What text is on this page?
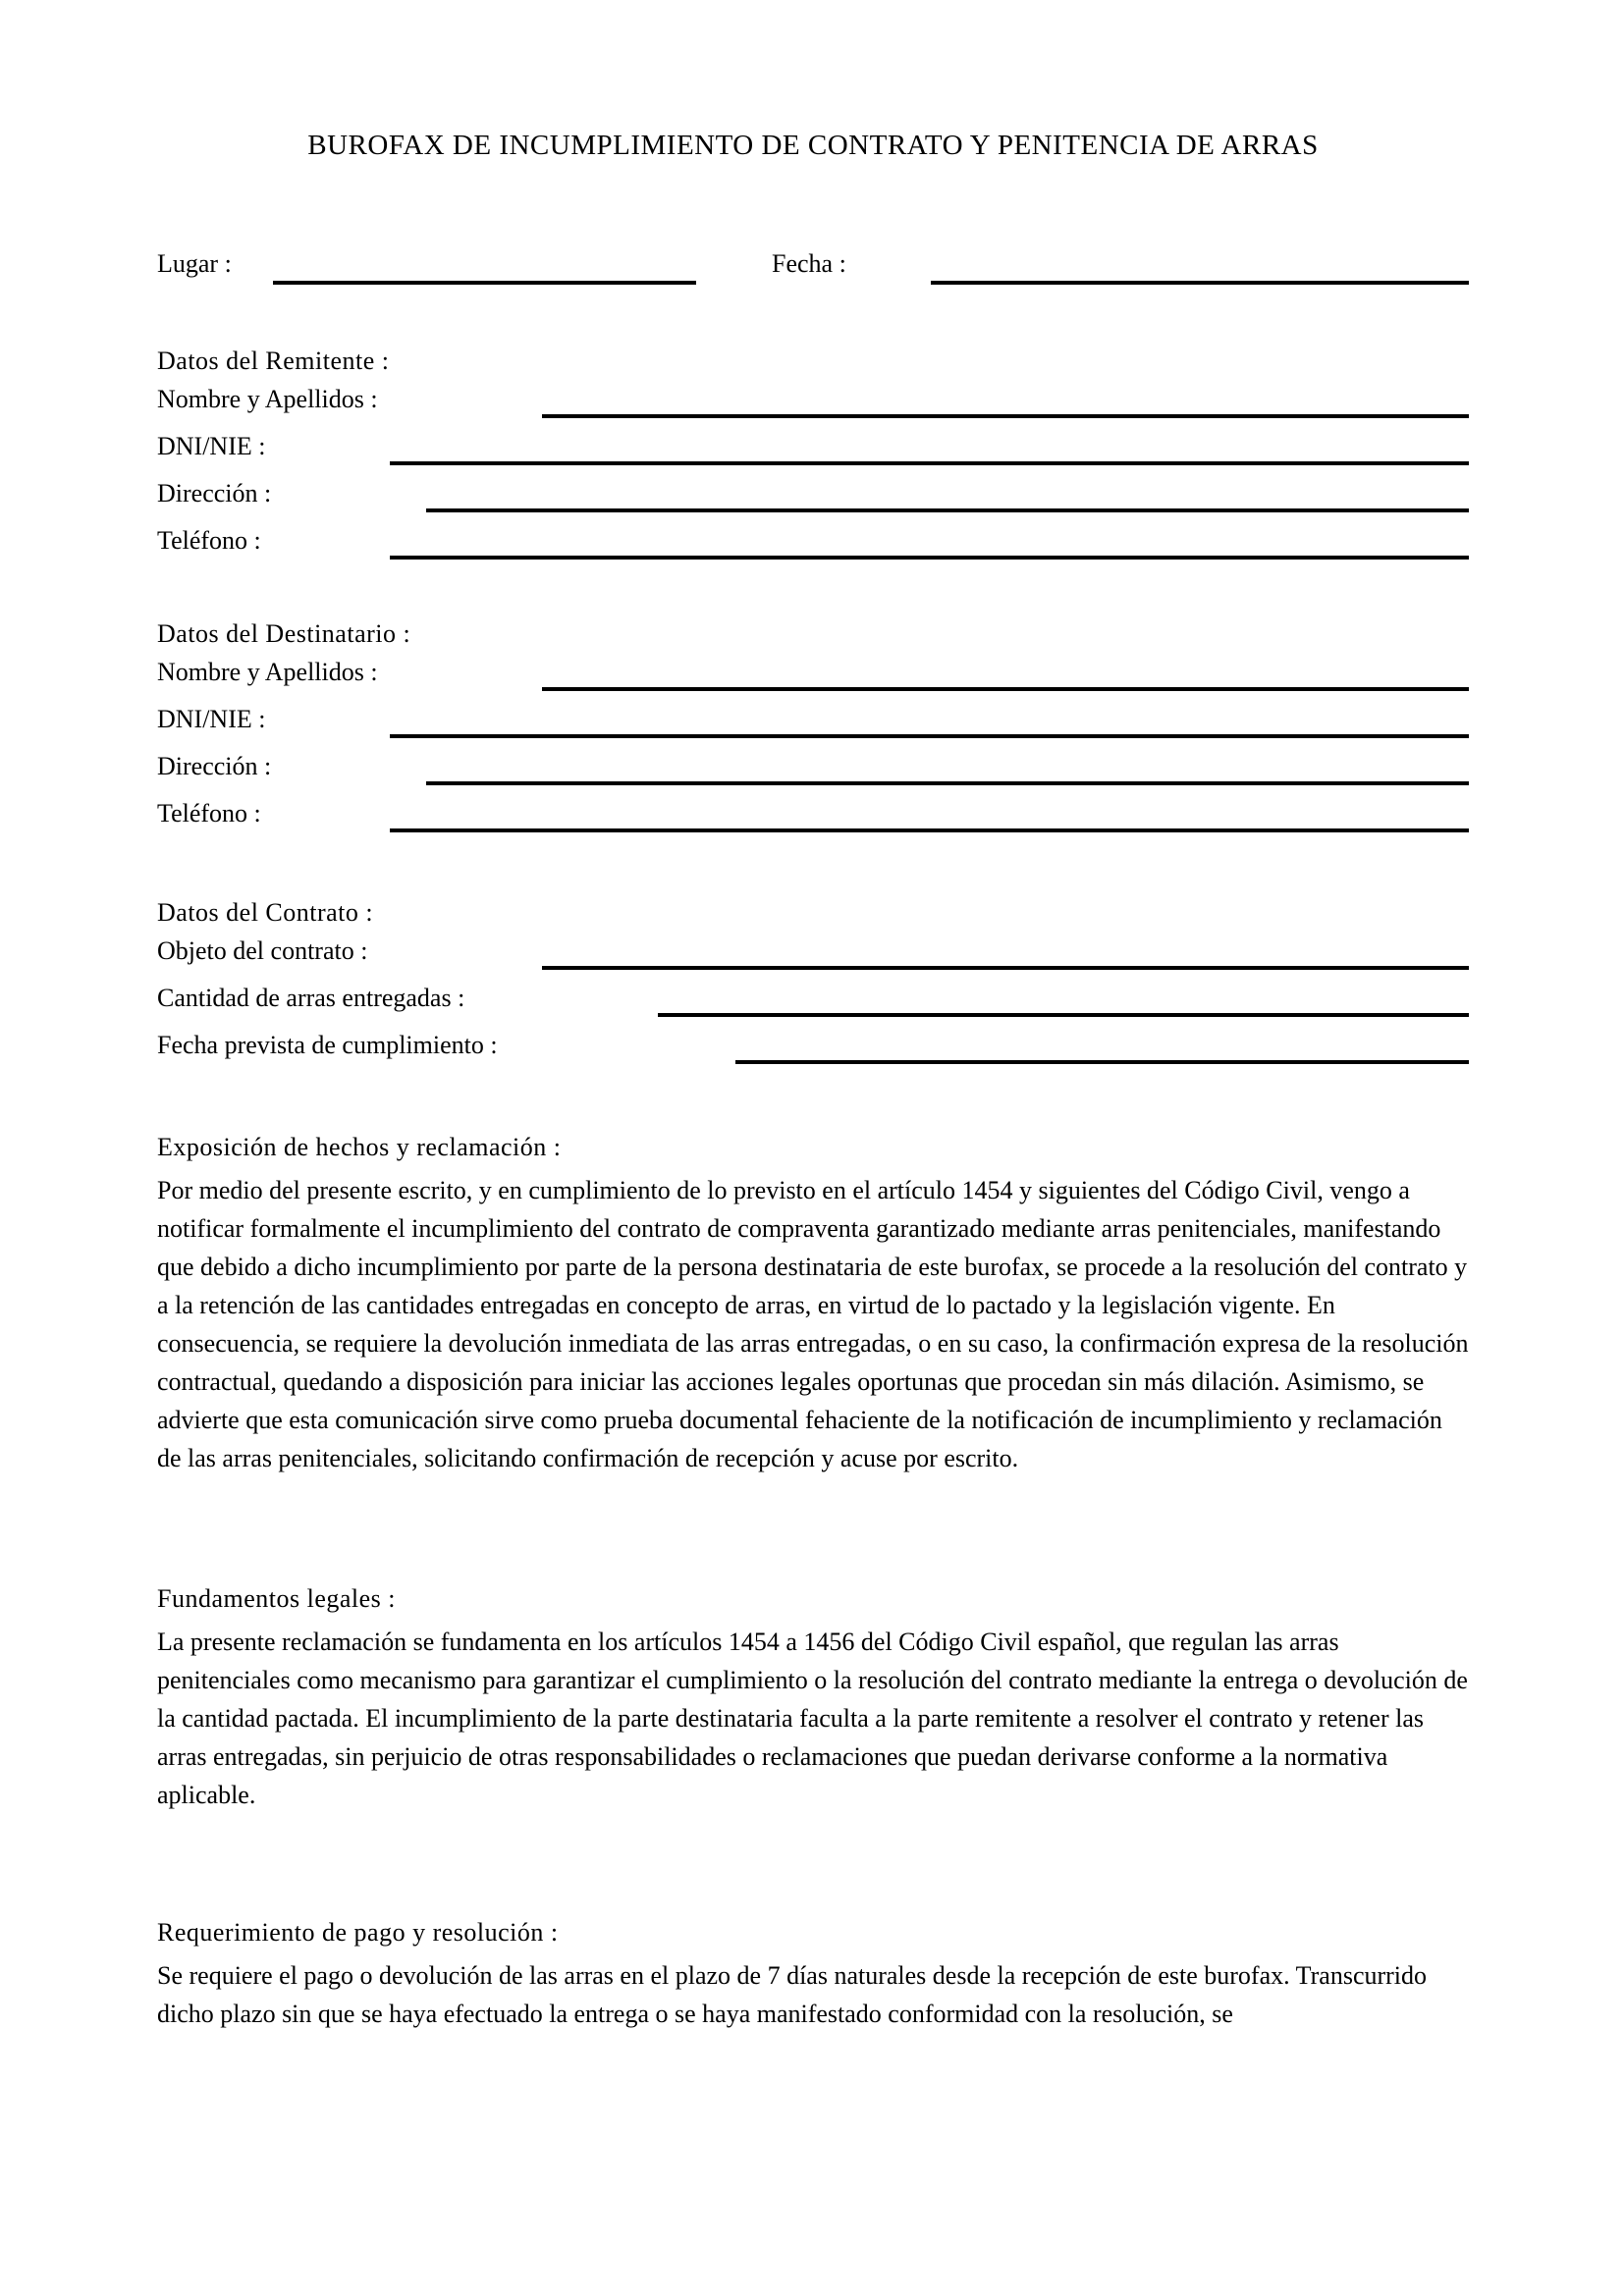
BUROFAX DE INCUMPLIMIENTO DE CONTRATO Y PENITENCIA DE ARRAS
Lugar :	Fecha :
Datos del Remitente :
Nombre y Apellidos :
DNI/NIE :
Dirección :
Teléfono :
Datos del Destinatario :
Nombre y Apellidos :
DNI/NIE :
Dirección :
Teléfono :
Datos del Contrato :
Objeto del contrato :
Cantidad de arras entregadas :
Fecha prevista de cumplimiento :
Exposición de hechos y reclamación :

Por medio del presente escrito, y en cumplimiento de lo previsto en el artículo 1454 y siguientes del Código Civil, vengo a notificar formalmente el incumplimiento del contrato de compraventa garantizado mediante arras penitenciales, manifestando que debido a dicho incumplimiento por parte de la persona destinataria de este burofax, se procede a la resolución del contrato y a la retención de las cantidades entregadas en concepto de arras, en virtud de lo pactado y la legislación vigente. En consecuencia, se requiere la devolución inmediata de las arras entregadas, o en su caso, la confirmación expresa de la resolución contractual, quedando a disposición para iniciar las acciones legales oportunas que procedan sin más dilación. Asimismo, se advierte que esta comunicación sirve como prueba documental fehaciente de la notificación de incumplimiento y reclamación de las arras penitenciales, solicitando confirmación de recepción y acuse por escrito.

Fundamentos legales :

La presente reclamación se fundamenta en los artículos 1454 a 1456 del Código Civil español, que regulan las arras penitenciales como mecanismo para garantizar el cumplimiento o la resolución del contrato mediante la entrega o devolución de la cantidad pactada. El incumplimiento de la parte destinataria faculta a la parte remitente a resolver el contrato y retener las arras entregadas, sin perjuicio de otras responsabilidades o reclamaciones que puedan derivarse conforme a la normativa aplicable.

Requerimiento de pago y resolución :

Se requiere el pago o devolución de las arras en el plazo de 7 días naturales desde la recepción de este burofax. Transcurrido dicho plazo sin que se haya efectuado la entrega o se haya manifestado conformidad con la resolución, se
